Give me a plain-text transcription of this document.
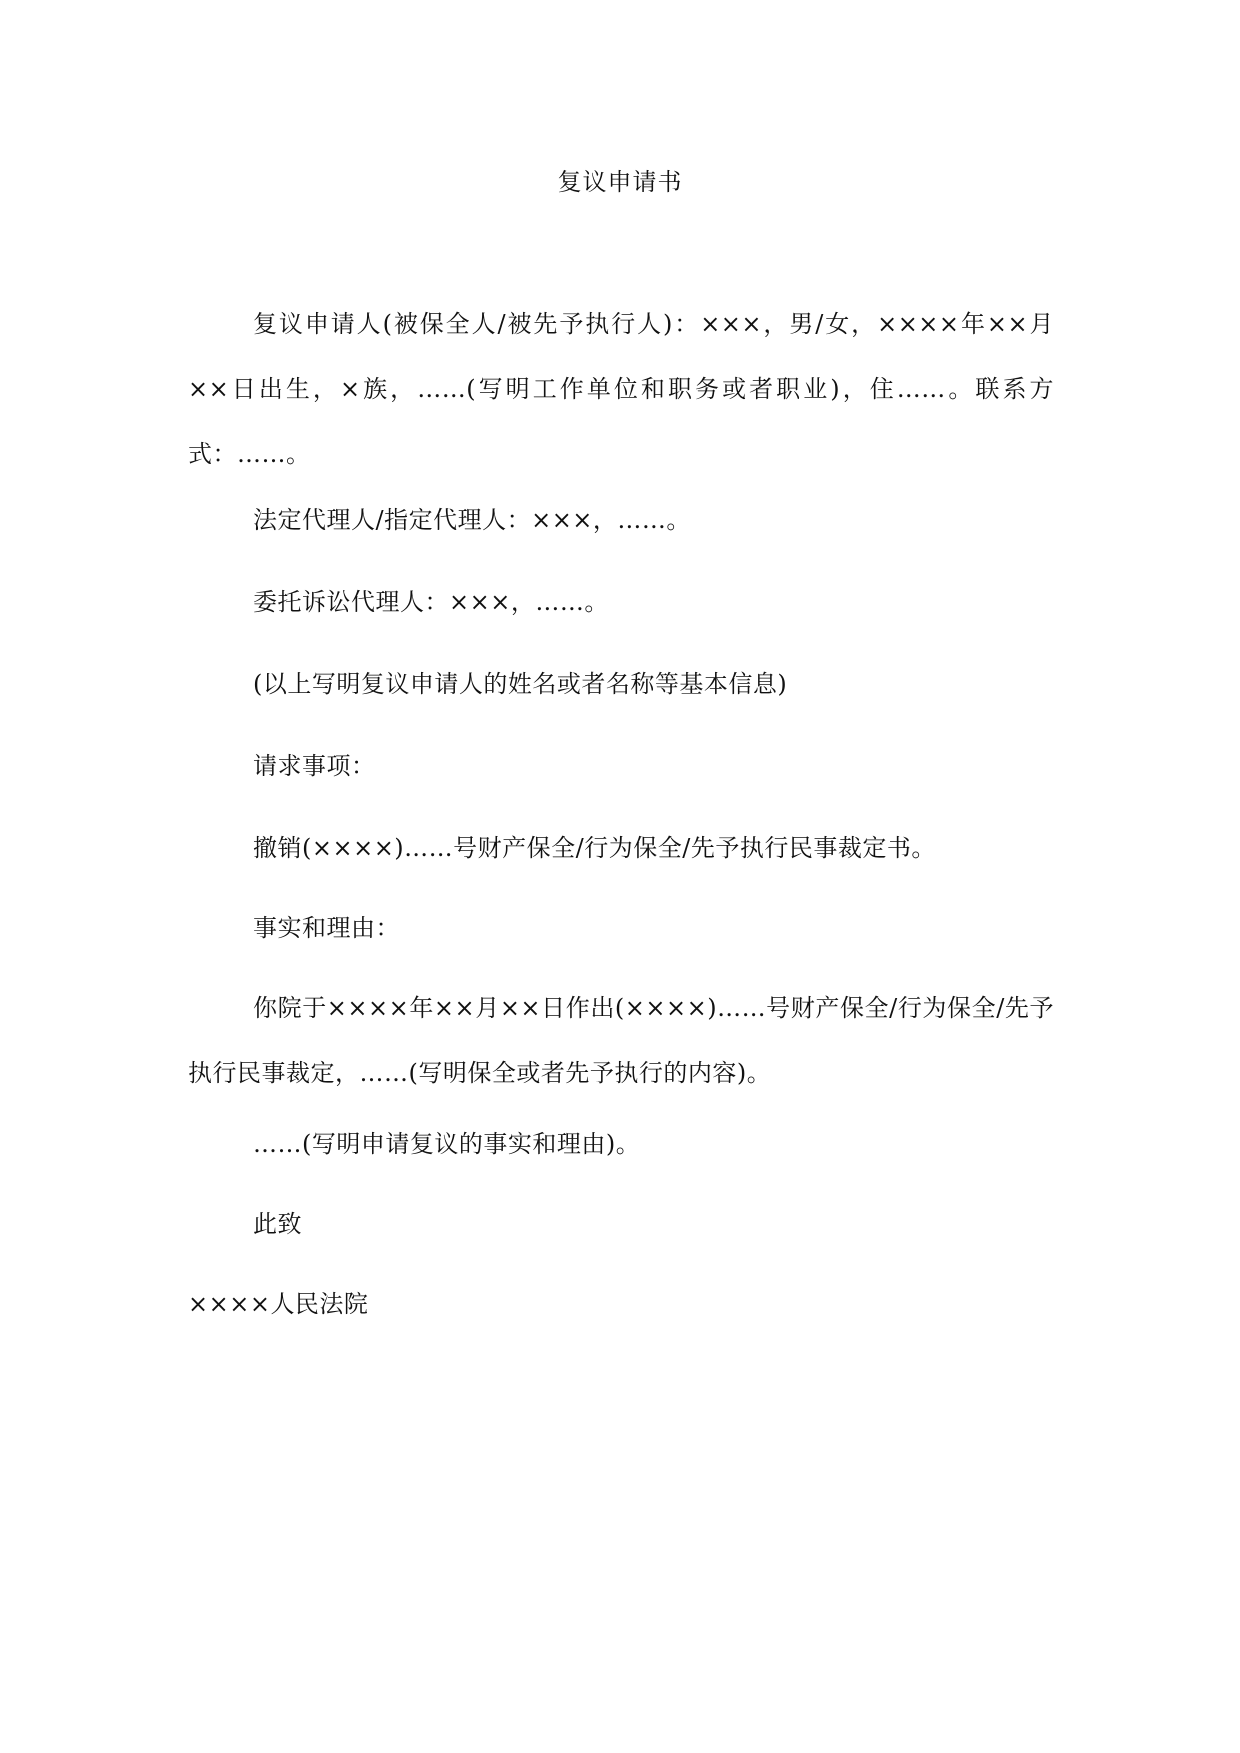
复议申请书

复议申请人(被保全人/被先予执行人)：×××，男/女，××××年××月××日出生，×族，……(写明工作单位和职务或者职业)，住……。联系方式：……。

法定代理人/指定代理人：×××，……。

委托诉讼代理人：×××，……。

(以上写明复议申请人的姓名或者名称等基本信息)

请求事项：

撤销(××××)……号财产保全/行为保全/先予执行民事裁定书。

事实和理由：

你院于××××年××月××日作出(××××)……号财产保全/行为保全/先予执行民事裁定，……(写明保全或者先予执行的内容)。

……(写明申请复议的事实和理由)。

此致

××××人民法院
